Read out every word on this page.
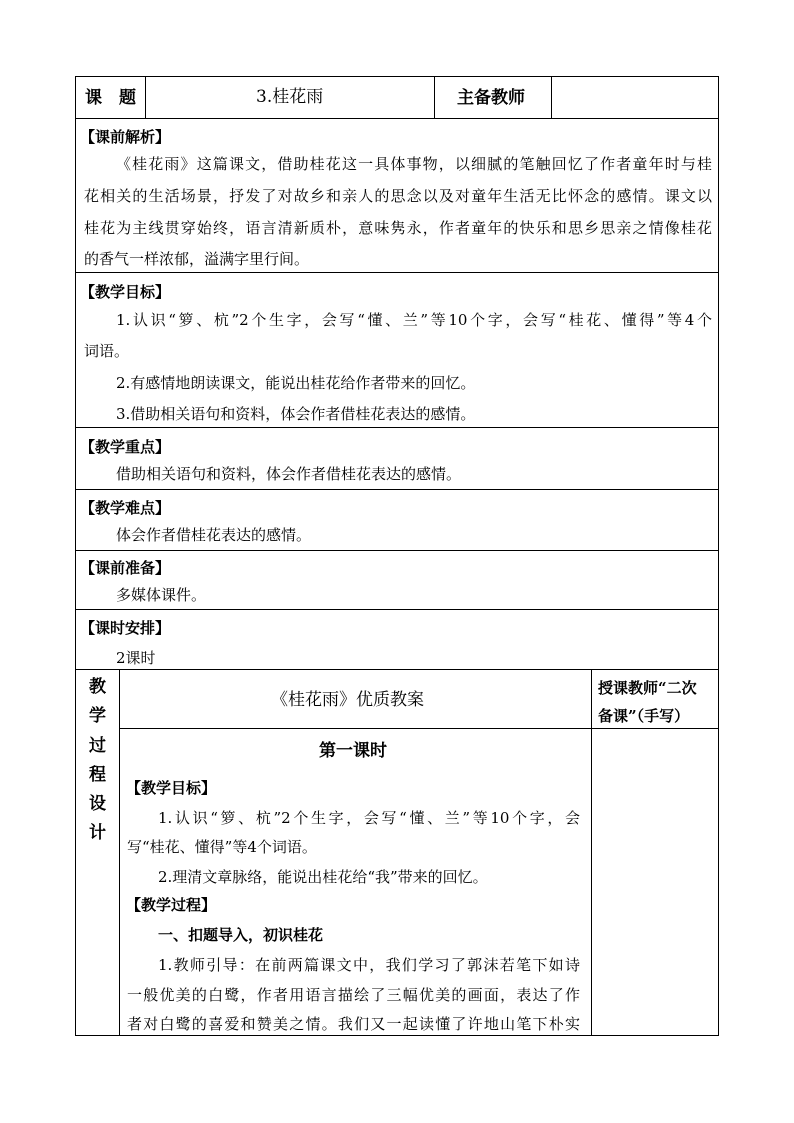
课　题	3.桂花雨	主备教师
【课前解析】
《桂花雨》这篇课文，借助桂花这一具体事物，以细腻的笔触回忆了作者童年时与桂
花相关的生活场景，抒发了对故乡和亲人的思念以及对童年生活无比怀念的感情。课文以
桂花为主线贯穿始终，语言清新质朴，意味隽永，作者童年的快乐和思乡思亲之情像桂花
的香气一样浓郁，溢满字里行间。
【教学目标】
1.认识“箩、杭”2个生字，会写“懂、兰”等10个字，会写“桂花、懂得”等4个
词语。
2.有感情地朗读课文，能说出桂花给作者带来的回忆。
3.借助相关语句和资料，体会作者借桂花表达的感情。
【教学重点】
借助相关语句和资料，体会作者借桂花表达的感情。
【教学难点】
体会作者借桂花表达的感情。
【课前准备】
多媒体课件。
【课时安排】
2课时
教
学
过
程
设
计
《桂花雨》优质教案
授课教师“二次
备课”（手写）
第一课时
【教学目标】
1.认识“箩、杭”2个生字，会写“懂、兰”等10个字，会
写“桂花、懂得”等4个词语。
2.理清文章脉络，能说出桂花给“我”带来的回忆。
【教学过程】
一、扣题导入，初识桂花
1.教师引导：在前两篇课文中，我们学习了郭沫若笔下如诗
一般优美的白鹭，作者用语言描绘了三幅优美的画面，表达了作
者对白鹭的喜爱和赞美之情。我们又一起读懂了许地山笔下朴实
